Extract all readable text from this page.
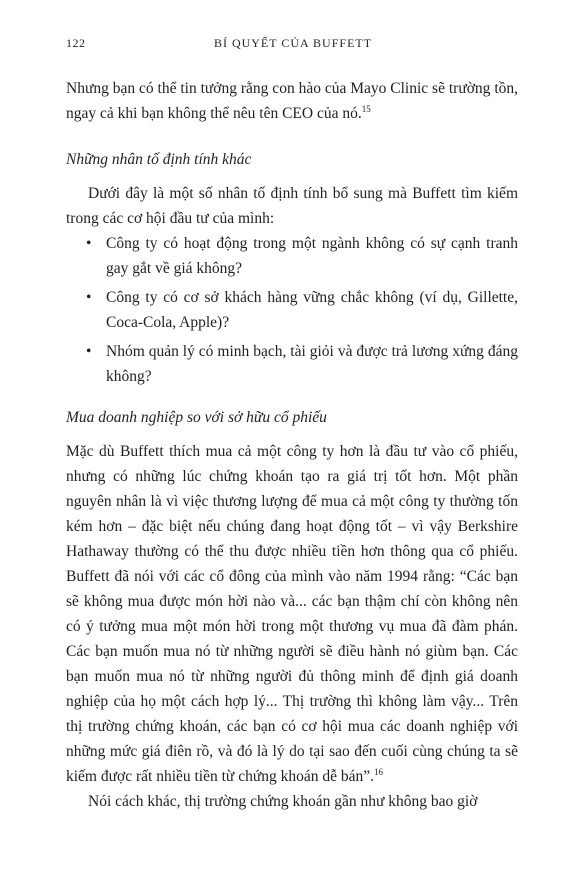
122	BÍ QUYẾT CỦA BUFFETT

Nhưng bạn có thể tin tưởng rằng con hào của Mayo Clinic sẽ trường tồn, ngay cả khi bạn không thể nêu tên CEO của nó.$^{15}$

Những nhân tố định tính khác

Dưới đây là một số nhân tố định tính bổ sung mà Buffett tìm kiếm trong các cơ hội đầu tư của mình:

• Công ty có hoạt động trong một ngành không có sự cạnh tranh gay gắt về giá không?
• Công ty có cơ sở khách hàng vững chắc không (ví dụ, Gillette, Coca-Cola, Apple)?
• Nhóm quản lý có minh bạch, tài giỏi và được trả lương xứng đáng không?
Mua doanh nghiệp so với sở hữu cổ phiếu

Mặc dù Buffett thích mua cả một công ty hơn là đầu tư vào cổ phiếu, nhưng có những lúc chứng khoán tạo ra giá trị tốt hơn. Một phần nguyên nhân là vì việc thương lượng để mua cả một công ty thường tốn kém hơn – đặc biệt nếu chúng đang hoạt động tốt – vì vậy Berkshire Hathaway thường có thể thu được nhiều tiền hơn thông qua cổ phiếu. Buffett đã nói với các cổ đông của mình vào năm 1994 rằng: “Các bạn sẽ không mua được món hời nào và... các bạn thậm chí còn không nên có ý tưởng mua một món hời trong một thương vụ mua đã đàm phán. Các bạn muốn mua nó từ những người sẽ điều hành nó giùm bạn. Các bạn muốn mua nó từ những người đủ thông minh để định giá doanh nghiệp của họ một cách hợp lý... Thị trường thì không làm vậy... Trên thị trường chứng khoán, các bạn có cơ hội mua các doanh nghiệp với những mức giá điên rồ, và đó là lý do tại sao đến cuối cùng chúng ta sẽ kiếm được rất nhiều tiền từ chứng khoán dễ bán”.$^{16}$

Nói cách khác, thị trường chứng khoán gần như không bao giờ
